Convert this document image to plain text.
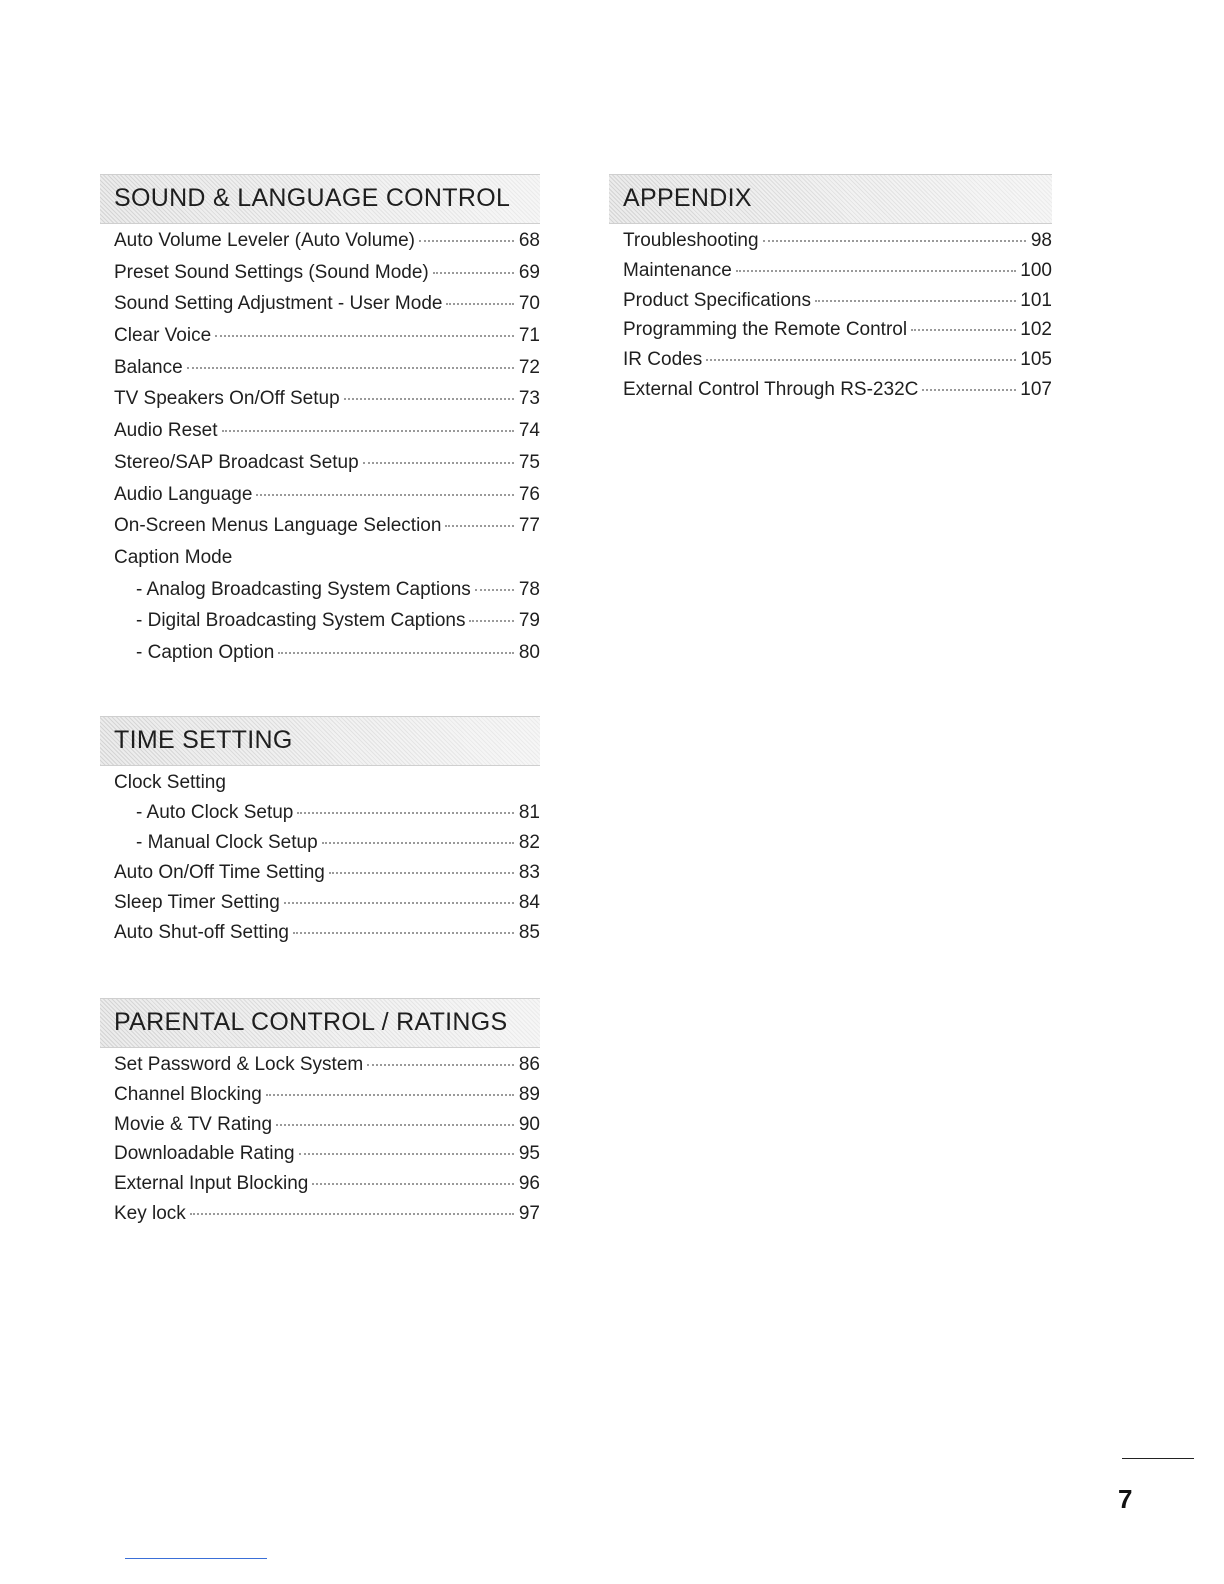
SOUND & LANGUAGE CONTROL
Auto Volume Leveler (Auto Volume)	68
Preset Sound Settings (Sound Mode)	69
Sound Setting Adjustment - User Mode	70
Clear Voice	71
Balance	72
TV Speakers On/Off Setup	73
Audio Reset	74
Stereo/SAP Broadcast Setup	75
Audio Language	76
On-Screen Menus Language Selection	77
Caption Mode
- Analog Broadcasting System Captions	78
- Digital Broadcasting System Captions	79
- Caption Option	80
TIME SETTING
Clock Setting
- Auto Clock Setup	81
- Manual Clock Setup	82
Auto On/Off Time Setting	83
Sleep Timer Setting	84
Auto Shut-off Setting	85
PARENTAL CONTROL / RATINGS
Set Password & Lock System	86
Channel Blocking	89
Movie & TV Rating	90
Downloadable Rating	95
External Input Blocking	96
Key lock	97
APPENDIX
Troubleshooting	98
Maintenance	100
Product Specifications	101
Programming the Remote Control	102
IR Codes	105
External Control Through RS-232C	107
7
